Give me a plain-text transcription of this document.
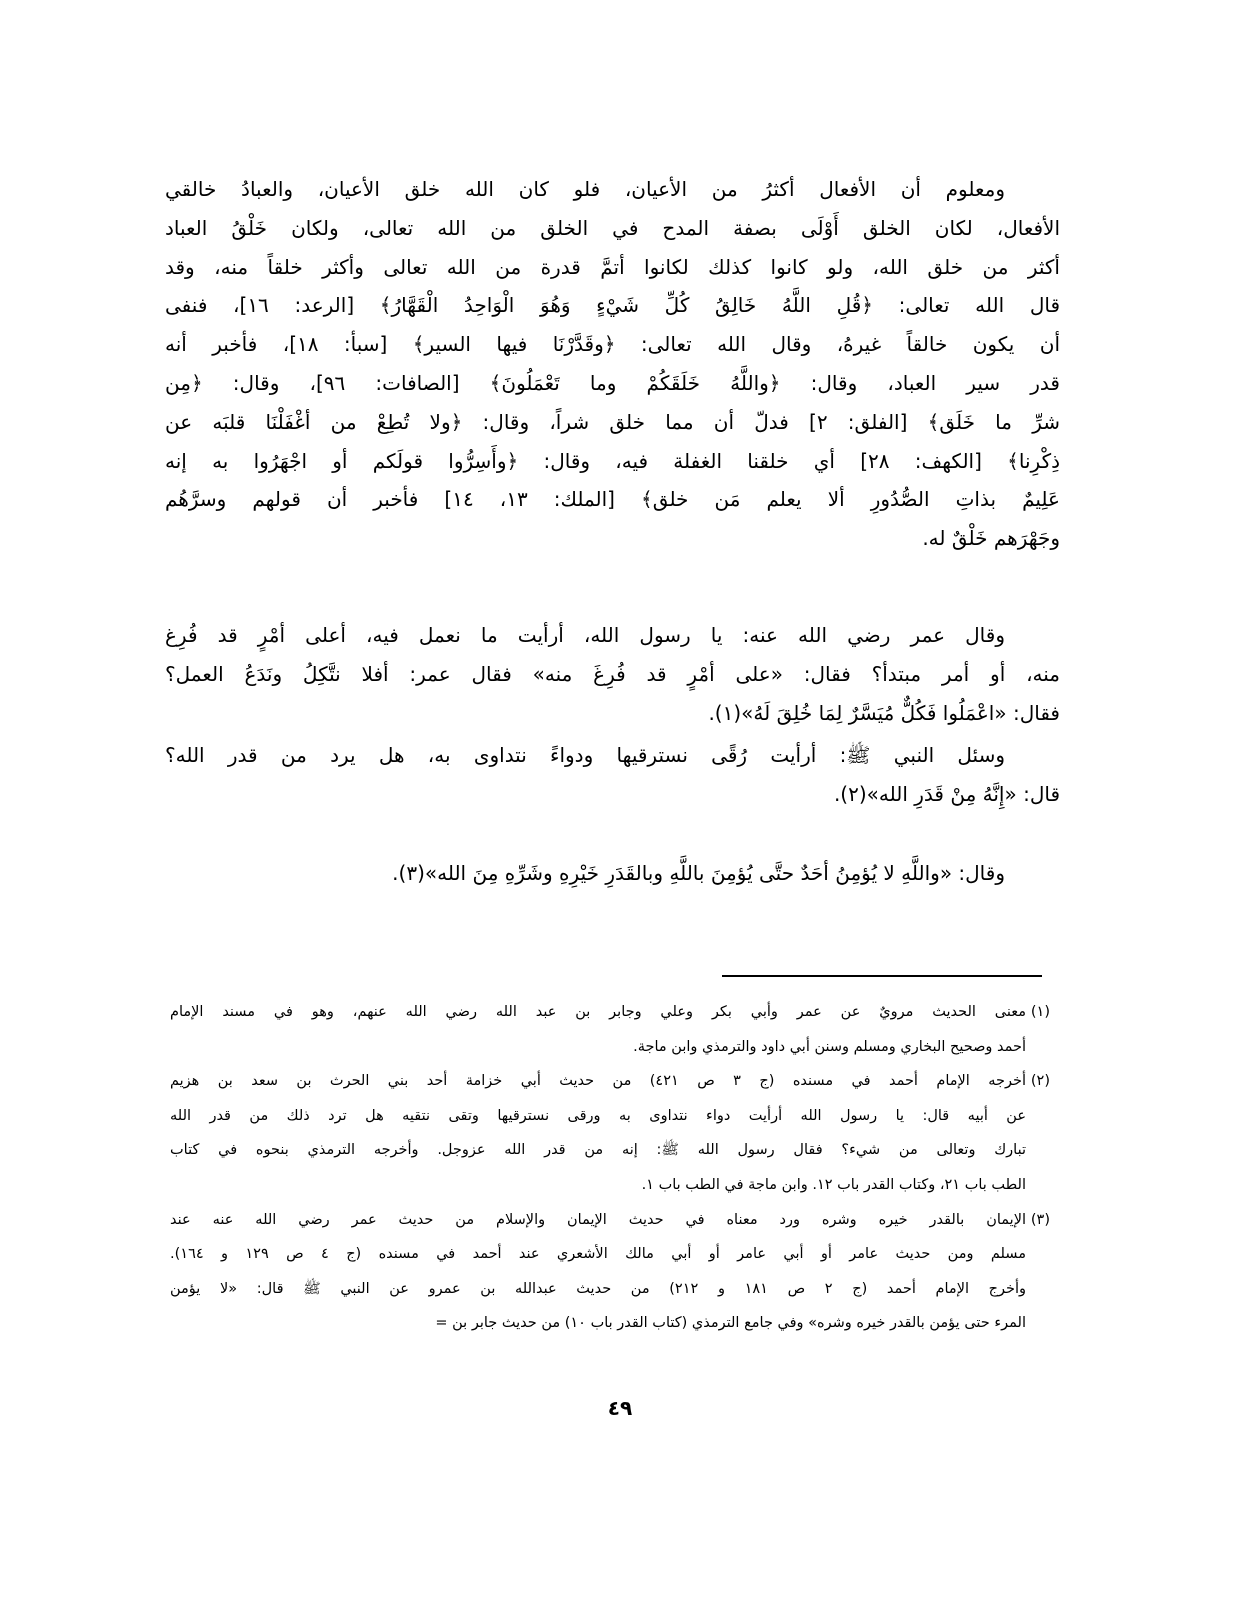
ومعلوم أن الأفعال أكثرُ من الأعيان، فلو كان الله خلق الأعيان، والعبادُ خالقي
الأفعال، لكان الخلق أَوْلَى بصفة المدح في الخلق من الله تعالى، ولكان خَلْقُ العباد
أكثر من خلق الله، ولو كانوا كذلك لكانوا أتمَّ قدرة من الله تعالى وأكثر خلقاً منه، وقد
قال الله تعالى: ﴿قُلِ اللَّهُ خَالِقُ كُلِّ شَيْءٍ وَهُوَ الْوَاحِدُ الْقَهَّارُ﴾ [الرعد: ١٦]، فنفى
أن يكون خالقاً غيرهُ، وقال الله تعالى: ﴿وقَدَّرْنَا فيها السير﴾ [سبأ: ١٨]، فأخبر أنه
قدر سير العباد، وقال: ﴿واللَّهُ خَلَقَكُمْ وما تَعْمَلُونَ﴾ [الصافات: ٩٦]، وقال: ﴿مِن
شرِّ ما خَلَق﴾ [الفلق: ٢] فدلّ أن مما خلق شراً، وقال: ﴿ولا تُطِعْ من أغْفَلْنَا قلبَه عن
ذِكْرِنا﴾ [الكهف: ٢٨] أي خلقنا الغفلة فيه، وقال: ﴿وأَسِرُّوا قولَكم أو اجْهَرُوا به إنه
عَلِيمٌ بذاتِ الصُّدُورِ ألا يعلم مَن خلق﴾ [الملك: ١٣، ١٤] فأخبر أن قولهم وسرَّهُم
وجَهْرَهم خَلْقٌ له.
وقال عمر رضي الله عنه: يا رسول الله، أرأيت ما نعمل فيه، أعلى أمْرٍ قد فُرِغ
منه، أو أمر مبتدأ؟ فقال: «على أمْرٍ قد فُرِغَ منه» فقال عمر: أفلا نتَّكِلُ ونَدَعُ العمل؟
فقال: «اعْمَلُوا فَكُلٌّ مُيَسَّرٌ لِمَا خُلِقَ لَهُ»(١).
وسئل النبي ﷺ: أرأيت رُقًى نسترقيها ودواءً نتداوى به، هل يرد من قدر الله؟
قال: «إِنَّهُ مِنْ قَدَرِ الله»(٢).
وقال: «واللَّهِ لا يُؤمِنُ أحَدٌ حتَّى يُؤمِنَ باللَّهِ وبالقَدَرِ خَيْرِهِ وشَرِّهِ مِنَ الله»(٣).
(١)
معنى الحديث مرويٌ عن عمر وأبي بكر وعلي وجابر بن عبد الله رضي الله عنهم، وهو في مسند الإمام
أحمد وصحيح البخاري ومسلم وسنن أبي داود والترمذي وابن ماجة.
(٢)
أخرجه الإمام أحمد في مسنده (ج ٣ ص ٤٢١) من حديث أبي خزامة أحد بني الحرث بن سعد بن هزيم
عن أبيه قال: يا رسول الله أرأيت دواء نتداوى به ورقى نسترقيها وتقى نتقيه هل ترد ذلك من قدر الله
تبارك وتعالى من شيء؟ فقال رسول الله ﷺ: إنه من قدر الله عزوجل. وأخرجه الترمذي بنحوه في كتاب
الطب باب ٢١، وكتاب القدر باب ١٢. وابن ماجة في الطب باب ١.
(٣)
الإيمان بالقدر خيره وشره ورد معناه في حديث الإيمان والإسلام من حديث عمر رضي الله عنه عند
مسلم ومن حديث عامر أو أبي عامر أو أبي مالك الأشعري عند أحمد في مسنده (ج ٤ ص ١٢٩ و ١٦٤).
وأخرج الإمام أحمد (ج ٢ ص ١٨١ و ٢١٢) من حديث عبدالله بن عمرو عن النبي ﷺ قال: «لا يؤمن
المرء حتى يؤمن بالقدر خيره وشره» وفي جامع الترمذي (كتاب القدر باب ١٠) من حديث جابر بن =
٤٩
